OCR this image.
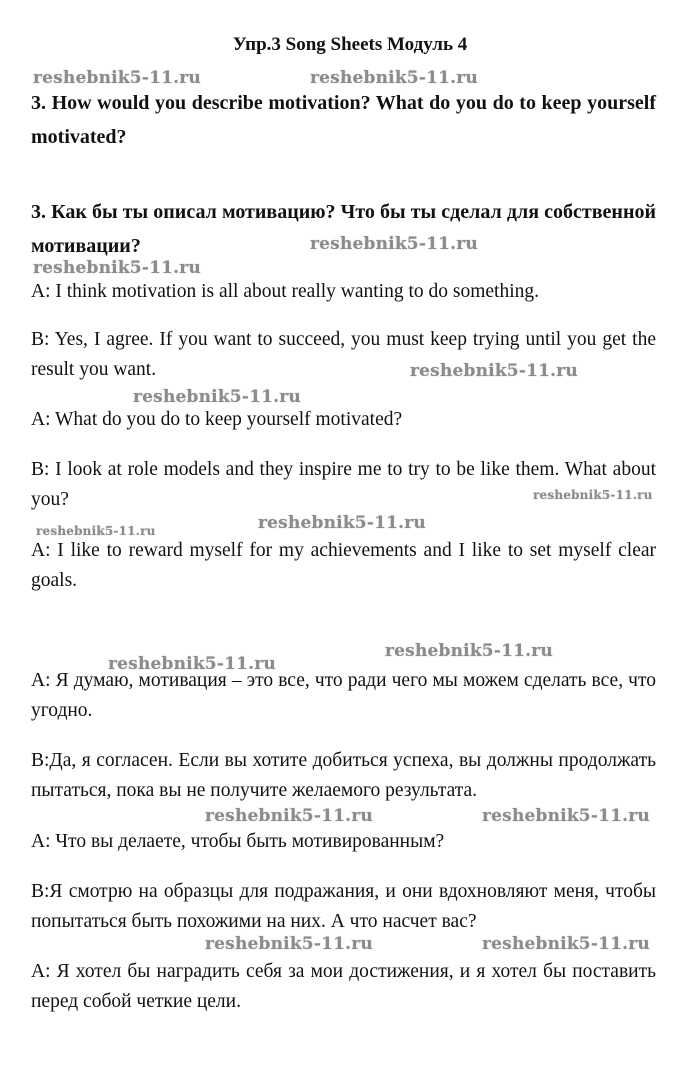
Упр.3 Song Sheets Модуль 4
3. How would you describe motivation? What do you do to keep yourself motivated?
3. Как бы ты описал мотивацию? Что бы ты сделал для собственной мотивации?
A: I think motivation is all about really wanting to do something.
B: Yes, I agree. If you want to succeed, you must keep trying until you get the result you want.
A: What do you do to keep yourself motivated?
B: I look at role models and they inspire me to try to be like them. What about you?
A: I like to reward myself for my achievements and I like to set myself clear goals.
A: Я думаю, мотивация – это все, что ради чего мы можем сделать все, что угодно.
B:Да, я согласен. Если вы хотите добиться успеха, вы должны продолжать пытаться, пока вы не получите желаемого результата.
A: Что вы делаете, чтобы быть мотивированным?
B:Я смотрю на образцы для подражания, и они вдохновляют меня, чтобы попытаться быть похожими на них. А что насчет вас?
A: Я хотел бы наградить себя за мои достижения, и я хотел бы поставить перед собой четкие цели.
reshebnik5-11.ru	reshebnik5-11.ru
reshebnik5-11.ru
reshebnik5-11.ru
reshebnik5-11.ru
reshebnik5-11.ru
reshebnik5-11.ru
reshebnik5-11.ru
reshebnik5-11.ru
reshebnik5-11.ru
reshebnik5-11.ru
reshebnik5-11.ru	reshebnik5-11.ru
reshebnik5-11.ru	reshebnik5-11.ru
